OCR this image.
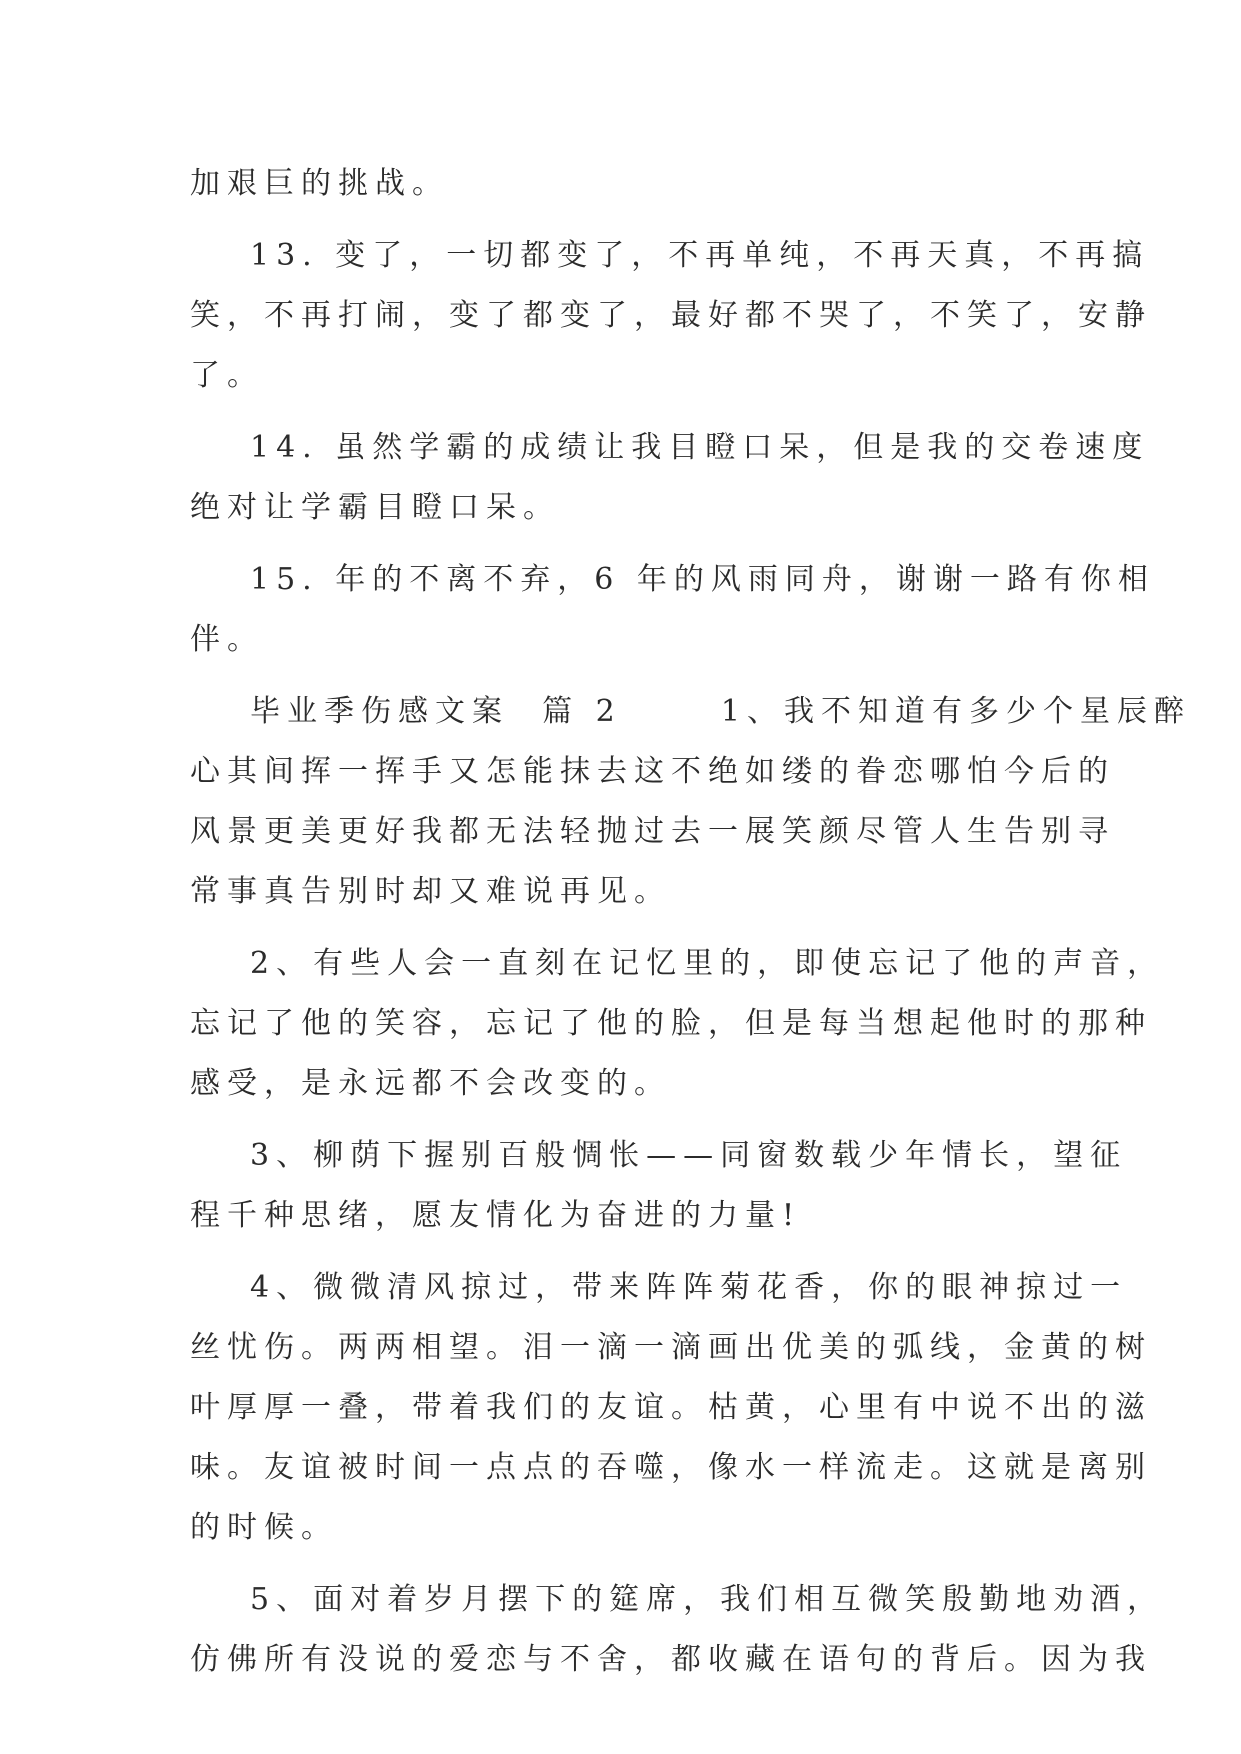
加艰巨的挑战。

13. 变了，一切都变了，不再单纯，不再天真，不再搞
笑，不再打闹，变了都变了，最好都不哭了，不笑了，安静
了。

14. 虽然学霸的成绩让我目瞪口呆，但是我的交卷速度
绝对让学霸目瞪口呆。

15. 年的不离不弃，6 年的风雨同舟，谢谢一路有你相
伴。

毕业季伤感文案  篇 2      1、我不知道有多少个星辰醉
心其间挥一挥手又怎能抹去这不绝如缕的眷恋哪怕今后的
风景更美更好我都无法轻抛过去一展笑颜尽管人生告别寻
常事真告别时却又难说再见。

2、有些人会一直刻在记忆里的，即使忘记了他的声音，
忘记了他的笑容，忘记了他的脸，但是每当想起他时的那种
感受，是永远都不会改变的。

3、柳荫下握别百般惆怅——同窗数载少年情长，望征
程千种思绪，愿友情化为奋进的力量!

4、微微清风掠过，带来阵阵菊花香，你的眼神掠过一
丝忧伤。两两相望。泪一滴一滴画出优美的弧线，金黄的树
叶厚厚一叠，带着我们的友谊。枯黄，心里有中说不出的滋
味。友谊被时间一点点的吞噬，像水一样流走。这就是离别
的时候。

5、面对着岁月摆下的筵席，我们相互微笑殷勤地劝酒，
仿佛所有没说的爱恋与不舍，都收藏在语句的背后。因为我
